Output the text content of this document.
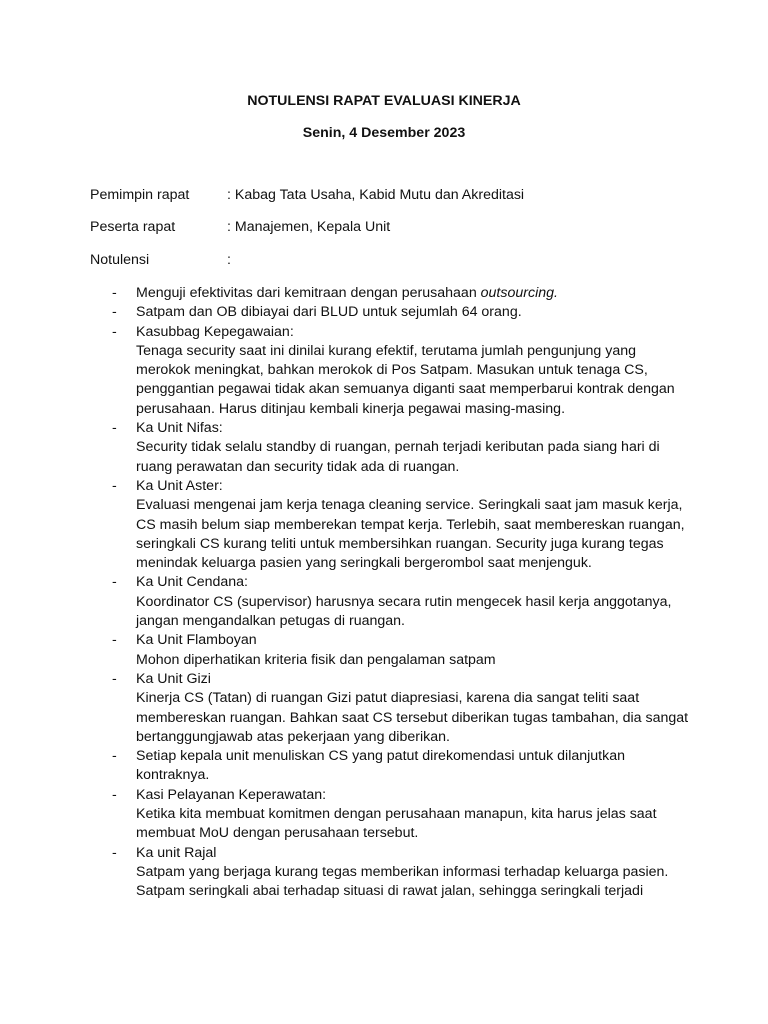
NOTULENSI RAPAT EVALUASI KINERJA
Senin, 4 Desember 2023
Pemimpin rapat	: Kabag Tata Usaha, Kabid Mutu dan Akreditasi
Peserta rapat	: Manajemen, Kepala Unit
Notulensi	:
- Menguji efektivitas dari kemitraan dengan perusahaan outsourcing.
- Satpam dan OB dibiayai dari BLUD untuk sejumlah 64 orang.
- Kasubbag Kepegawaian:
Tenaga security saat ini dinilai kurang efektif, terutama jumlah pengunjung yang
merokok meningkat, bahkan merokok di Pos Satpam. Masukan untuk tenaga CS,
penggantian pegawai tidak akan semuanya diganti saat memperbarui kontrak dengan
perusahaan. Harus ditinjau kembali kinerja pegawai masing-masing.
- Ka Unit Nifas:
Security tidak selalu standby di ruangan, pernah terjadi keributan pada siang hari di
ruang perawatan dan security tidak ada di ruangan.
- Ka Unit Aster:
Evaluasi mengenai jam kerja tenaga cleaning service. Seringkali saat jam masuk kerja,
CS masih belum siap memberekan tempat kerja. Terlebih, saat membereskan ruangan,
seringkali CS kurang teliti untuk membersihkan ruangan. Security juga kurang tegas
menindak keluarga pasien yang seringkali bergerombol saat menjenguk.
- Ka Unit Cendana:
Koordinator CS (supervisor) harusnya secara rutin mengecek hasil kerja anggotanya,
jangan mengandalkan petugas di ruangan.
- Ka Unit Flamboyan
Mohon diperhatikan kriteria fisik dan pengalaman satpam
- Ka Unit Gizi
Kinerja CS (Tatan) di ruangan Gizi patut diapresiasi, karena dia sangat teliti saat
membereskan ruangan. Bahkan saat CS tersebut diberikan tugas tambahan, dia sangat
bertanggungjawab atas pekerjaan yang diberikan.
- Setiap kepala unit menuliskan CS yang patut direkomendasi untuk dilanjutkan
kontraknya.
- Kasi Pelayanan Keperawatan:
Ketika kita membuat komitmen dengan perusahaan manapun, kita harus jelas saat
membuat MoU dengan perusahaan tersebut.
- Ka unit Rajal
Satpam yang berjaga kurang tegas memberikan informasi terhadap keluarga pasien.
Satpam seringkali abai terhadap situasi di rawat jalan, sehingga seringkali terjadi
